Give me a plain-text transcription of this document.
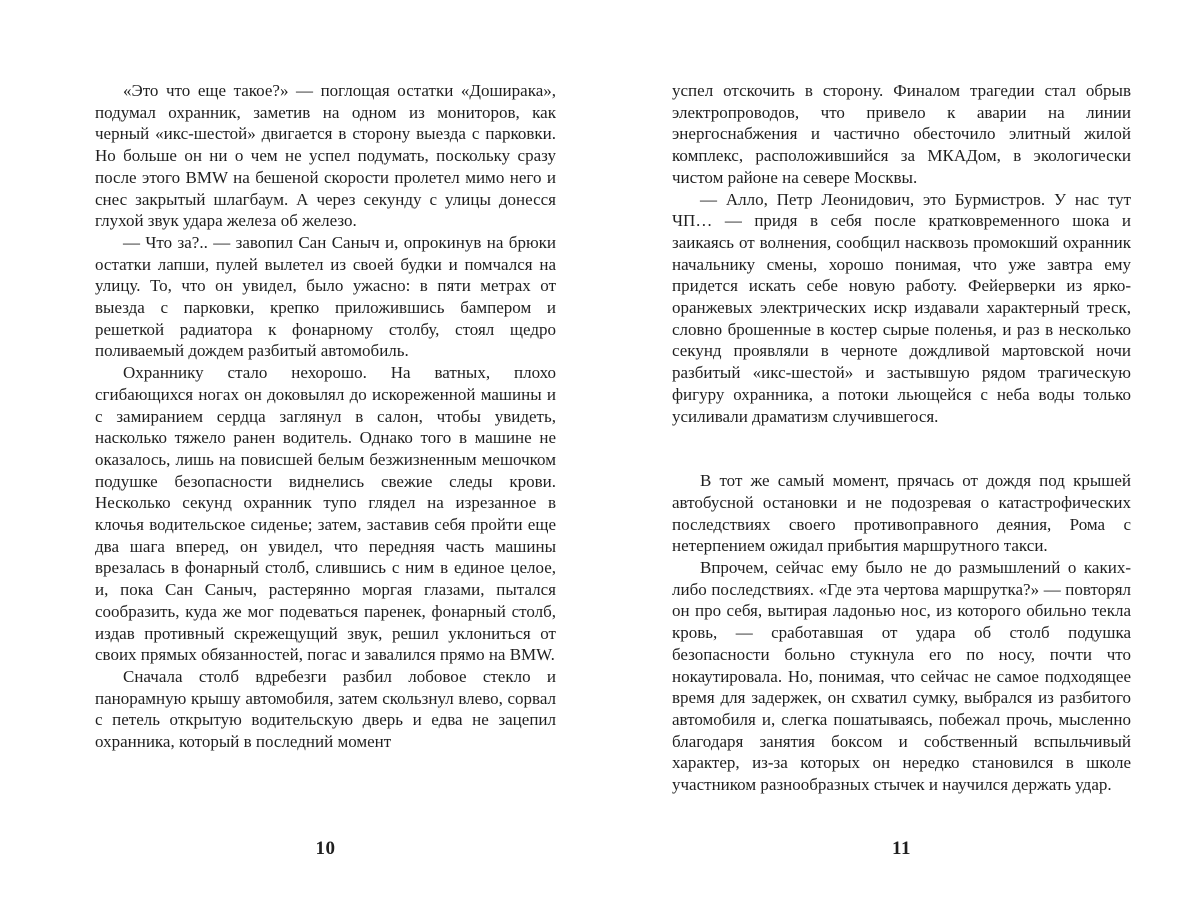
«Это что еще такое?» — поглощая остатки «Доширака», подумал охранник, заметив на одном из мониторов, как черный «икс-шестой» двигается в сторону выезда с парковки. Но больше он ни о чем не успел подумать, поскольку сразу после этого BMW на бешеной скорости пролетел мимо него и снес закрытый шлагбаум. А через секунду с улицы донесся глухой звук удара железа об железо.

— Что за?.. — завопил Сан Саныч и, опрокинув на брюки остатки лапши, пулей вылетел из своей будки и помчался на улицу. То, что он увидел, было ужасно: в пяти метрах от выезда с парковки, крепко приложившись бампером и решеткой радиатора к фонарному столбу, стоял щедро поливаемый дождем разбитый автомобиль.

Охраннику стало нехорошо. На ватных, плохо сгибающихся ногах он доковылял до искореженной машины и с замиранием сердца заглянул в салон, чтобы увидеть, насколько тяжело ранен водитель. Однако того в машине не оказалось, лишь на повисшей белым безжизненным мешочком подушке безопасности виднелись свежие следы крови. Несколько секунд охранник тупо глядел на изрезанное в клочья водительское сиденье; затем, заставив себя пройти еще два шага вперед, он увидел, что передняя часть машины врезалась в фонарный столб, слившись с ним в единое целое, и, пока Сан Саныч, растерянно моргая глазами, пытался сообразить, куда же мог подеваться паренек, фонарный столб, издав противный скрежещущий звук, решил уклониться от своих прямых обязанностей, погас и завалился прямо на BMW.

Сначала столб вдребезги разбил лобовое стекло и панорамную крышу автомобиля, затем скользнул влево, сорвал с петель открытую водительскую дверь и едва не зацепил охранника, который в последний момент

успел отскочить в сторону. Финалом трагедии стал обрыв электропроводов, что привело к аварии на линии энергоснабжения и частично обесточило элитный жилой комплекс, расположившийся за МКАДом, в экологически чистом районе на севере Москвы.

— Алло, Петр Леонидович, это Бурмистров. У нас тут ЧП… — придя в себя после кратковременного шока и заикаясь от волнения, сообщил насквозь промокший охранник начальнику смены, хорошо понимая, что уже завтра ему придется искать себе новую работу. Фейерверки из ярко-оранжевых электрических искр издавали характерный треск, словно брошенные в костер сырые поленья, и раз в несколько секунд проявляли в черноте дождливой мартовской ночи разбитый «икс-шестой» и застывшую рядом трагическую фигуру охранника, а потоки льющейся с неба воды только усиливали драматизм случившегося.

В тот же самый момент, прячась от дождя под крышей автобусной остановки и не подозревая о катастрофических последствиях своего противоправного деяния, Рома с нетерпением ожидал прибытия маршрутного такси.

Впрочем, сейчас ему было не до размышлений о каких-либо последствиях. «Где эта чертова маршрутка?» — повторял он про себя, вытирая ладонью нос, из которого обильно текла кровь, — сработавшая от удара об столб подушка безопасности больно стукнула его по носу, почти что нокаутировала. Но, понимая, что сейчас не самое подходящее время для задержек, он схватил сумку, выбрался из разбитого автомобиля и, слегка пошатываясь, побежал прочь, мысленно благодаря занятия боксом и собственный вспыльчивый характер, из-за которых он нередко становился в школе участником разнообразных стычек и научился держать удар.

10	11
